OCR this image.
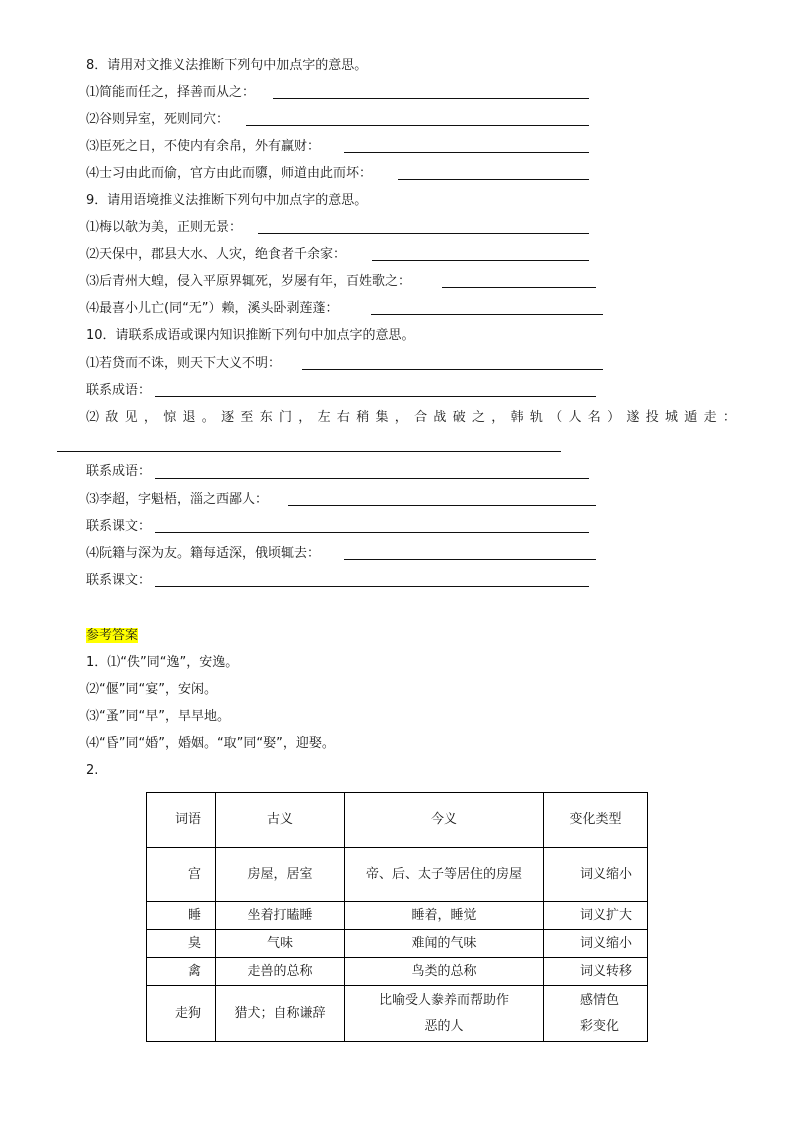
8．请用对文推义法推断下列句中加点字的意思。
⑴简能而任之，择善而从之：
⑵谷则异室，死则同穴：
⑶臣死之日，不使内有余帛，外有赢财：
⑷士习由此而偷，官方由此而隳，师道由此而坏：
9．请用语境推义法推断下列句中加点字的意思。
⑴梅以欹为美，正则无景：
⑵天保中，郡县大水、人灾，绝食者千余家：
⑶后青州大蝗，侵入平原界辄死，岁屡有年，百姓歌之：
⑷最喜小儿亡(同“无”）赖，溪头卧剥莲蓬：
10．请联系成语或课内知识推断下列句中加点字的意思。
⑴若贷而不诛，则天下大义不明：
联系成语：
⑵敌见，惊退。逐至东门，左右稍集，合战破之，韩轨（人名）遂投城遁走：
联系成语：
⑶李超，字魁梧，淄之西鄙人：
联系课文：
⑷阮籍与深为友。籍每适深，俄顷辄去：
联系课文：
参考答案
1．⑴“佚”同“逸”，安逸。
⑵“偃”同“宴”，安闲。
⑶“蚤”同“早”，早早地。
⑷“昏”同“婚”，婚姻。“取”同“娶”，迎娶。
2.
词语	古义	今义	变化类型
宫	房屋，居室	帝、后、太子等居住的房屋	词义缩小
睡	坐着打瞌睡	睡着，睡觉	词义扩大
臭	气味	难闻的气味	词义缩小
禽	走兽的总称	鸟类的总称	词义转移
走狗	猎犬；自称谦辞	比喻受人豢养而帮助作恶的人	感情色彩变化
